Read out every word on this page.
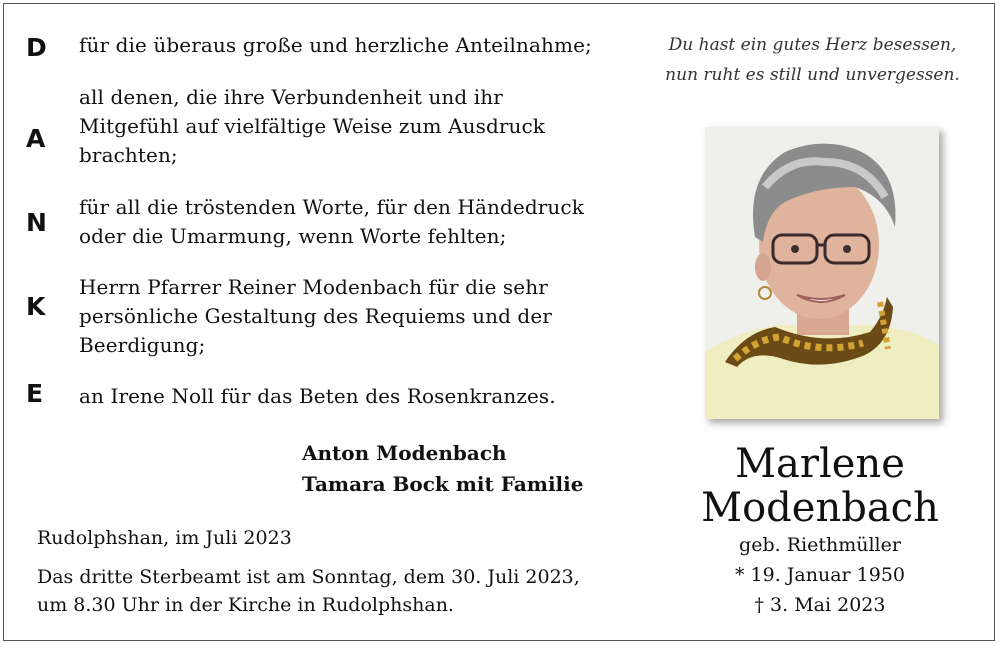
D
A
N
K
E
für die überaus große und herzliche Anteilnahme;
all denen, die ihre Verbundenheit und ihr
Mitgefühl auf vielfältige Weise zum Ausdruck
brachten;
für all die tröstenden Worte, für den Händedruck
oder die Umarmung, wenn Worte fehlten;
Herrn Pfarrer Reiner Modenbach für die sehr
persönliche Gestaltung des Requiems und der
Beerdigung;
an Irene Noll für das Beten des Rosenkranzes.
Anton Modenbach
Tamara Bock mit Familie
Rudolphshan, im Juli 2023
Das dritte Sterbeamt ist am Sonntag, dem 30. Juli 2023,
um 8.30 Uhr in der Kirche in Rudolphshan.
Du hast ein gutes Herz besessen,
nun ruht es still und unvergessen.
Marlene
Modenbach
geb. Riethmüller
* 19. Januar 1950
† 3. Mai 2023
